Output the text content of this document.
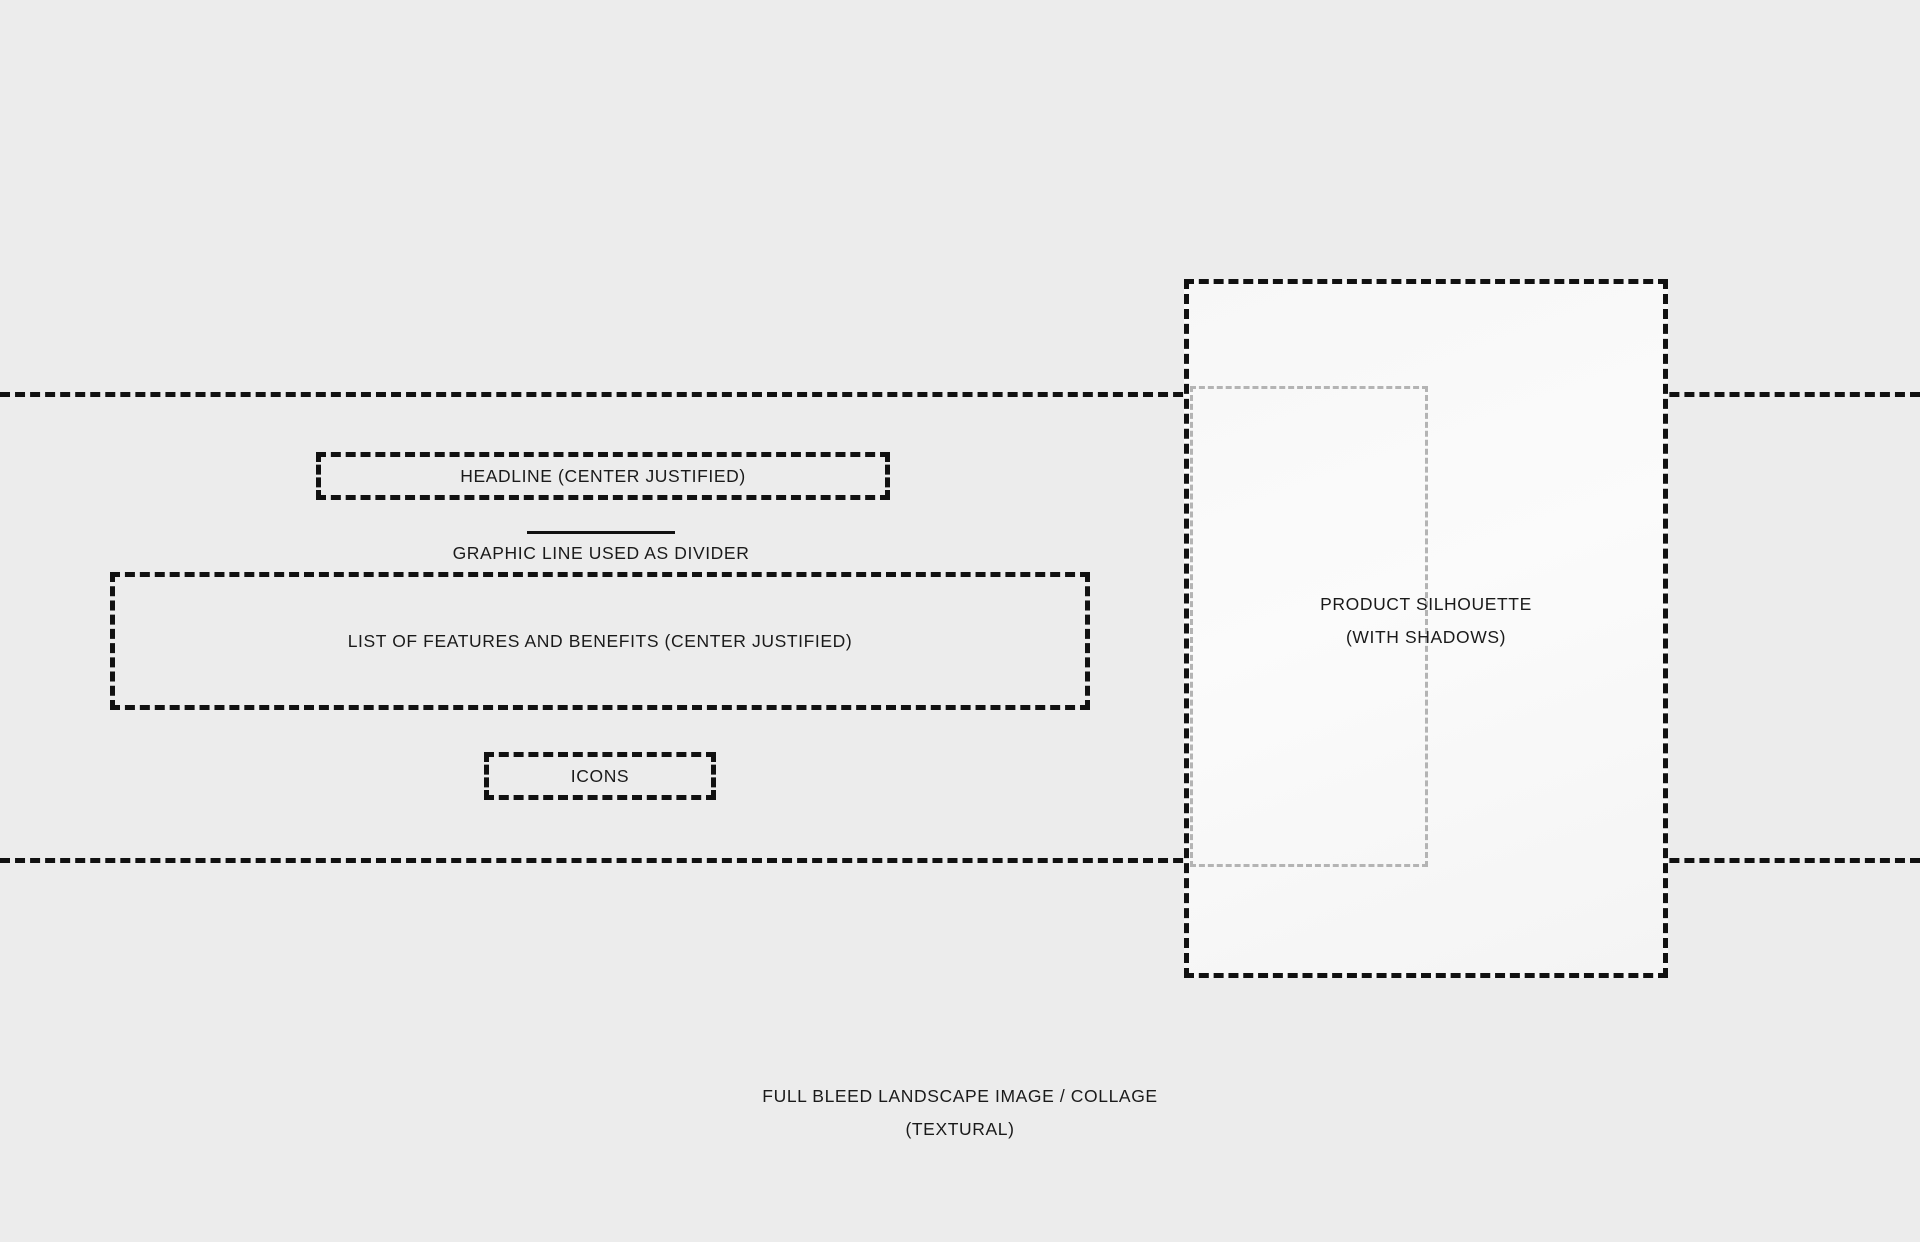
PRODUCT SILHOUETTE
(WITH SHADOWS)
HEADLINE (CENTER JUSTIFIED)
GRAPHIC LINE USED AS DIVIDER
LIST OF FEATURES AND BENEFITS (CENTER JUSTIFIED)
ICONS
FULL BLEED LANDSCAPE IMAGE / COLLAGE
(TEXTURAL)
